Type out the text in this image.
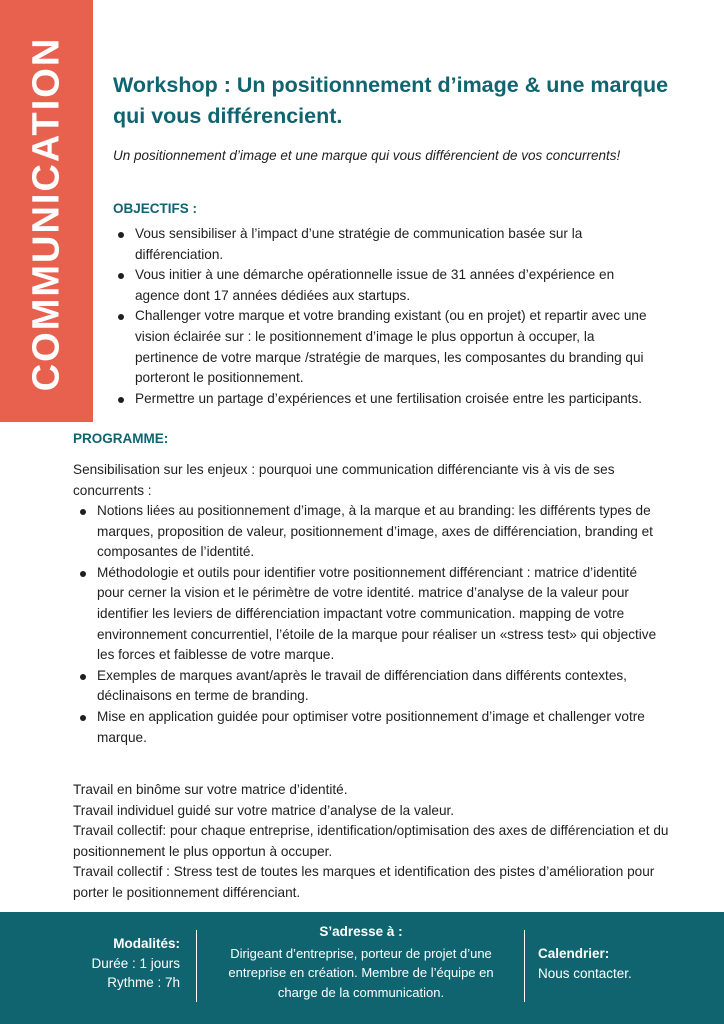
COMMUNICATION Workshop : Un positionnement d’image & une marque qui vous différencient.

Un positionnement d’image et une marque qui vous différencient de vos concurrents!

OBJECTIFS :
Vous sensibiliser à l’impact d’une stratégie de communication basée sur la différenciation.
Vous initier à une démarche opérationnelle issue de 31 années d’expérience en agence dont 17 années dédiées aux startups.
Challenger votre marque et votre branding existant (ou en projet) et repartir avec une vision éclairée sur : le positionnement d’image le plus opportun à occuper, la pertinence de votre marque /stratégie de marques, les composantes du branding qui porteront le positionnement.
Permettre un partage d’expériences et une fertilisation croisée entre les participants.
PROGRAMME:

Sensibilisation sur les enjeux : pourquoi une communication différenciante vis à vis de ses concurrents :

Notions liées au positionnement d’image, à la marque et au branding: les différents types de marques, proposition de valeur, positionnement d’image, axes de différenciation, branding et composantes de l’identité.
Méthodologie et outils pour identifier votre positionnement différenciant : matrice d’identité pour cerner la vision et le périmètre de votre identité. matrice d’analyse de la valeur pour identifier les leviers de différenciation impactant votre communication. mapping de votre environnement concurrentiel, l’étoile de la marque pour réaliser un «stress test» qui objective les forces et faiblesse de votre marque.
Exemples de marques avant/après le travail de différenciation dans différents contextes, déclinaisons en terme de branding.
Mise en application guidée pour optimiser votre positionnement d’image et challenger votre marque.

Travail en binôme sur votre matrice d’identité.

Travail individuel guidé sur votre matrice d’analyse de la valeur.

Travail collectif: pour chaque entreprise, identification/optimisation des axes de différenciation et du positionnement le plus opportun à occuper.

Travail collectif : Stress test de toutes les marques et identification des pistes d’amélioration pour porter le positionnement différenciant.

Modalités:
Durée : 1 jours
Rythme : 7h
S’adresse à :
Dirigeant d’entreprise, porteur de projet d’une entreprise en création. Membre de l’équipe en charge de la communication.
Calendrier:
Nous contacter.
